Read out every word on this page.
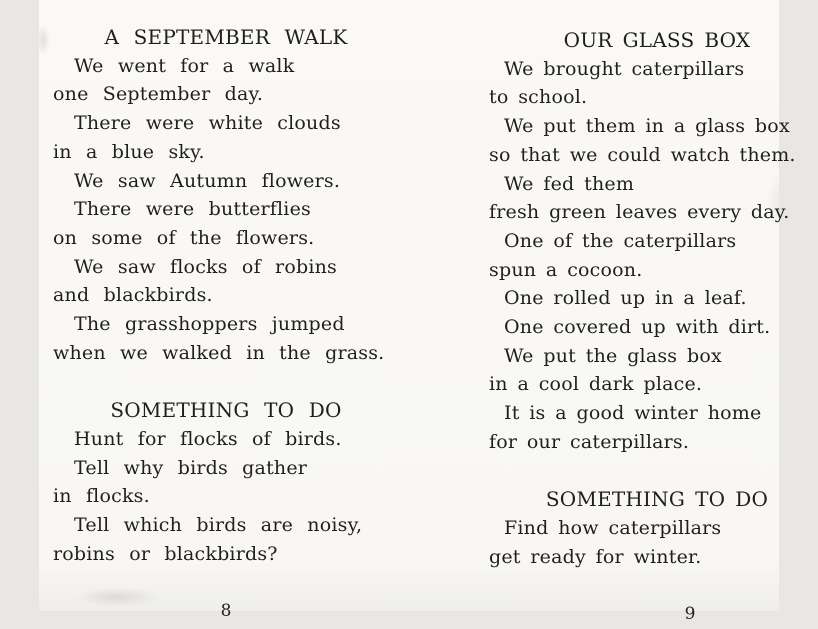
A SEPTEMBER WALK
We went for a walk
one September day.
There were white clouds
in a blue sky.
We saw Autumn flowers.
There were butterflies
on some of the flowers.
We saw flocks of robins
and blackbirds.
The grasshoppers jumped
when we walked in the grass.
SOMETHING TO DO
Hunt for flocks of birds.
Tell why birds gather
in flocks.
Tell which birds are noisy,
robins or blackbirds?
8
OUR GLASS BOX
We brought caterpillars
to school.
We put them in a glass box
so that we could watch them.
We fed them
fresh green leaves every day.
One of the caterpillars
spun a cocoon.
One rolled up in a leaf.
One covered up with dirt.
We put the glass box
in a cool dark place.
It is a good winter home
for our caterpillars.
SOMETHING TO DO
Find how caterpillars
get ready for winter.
9
